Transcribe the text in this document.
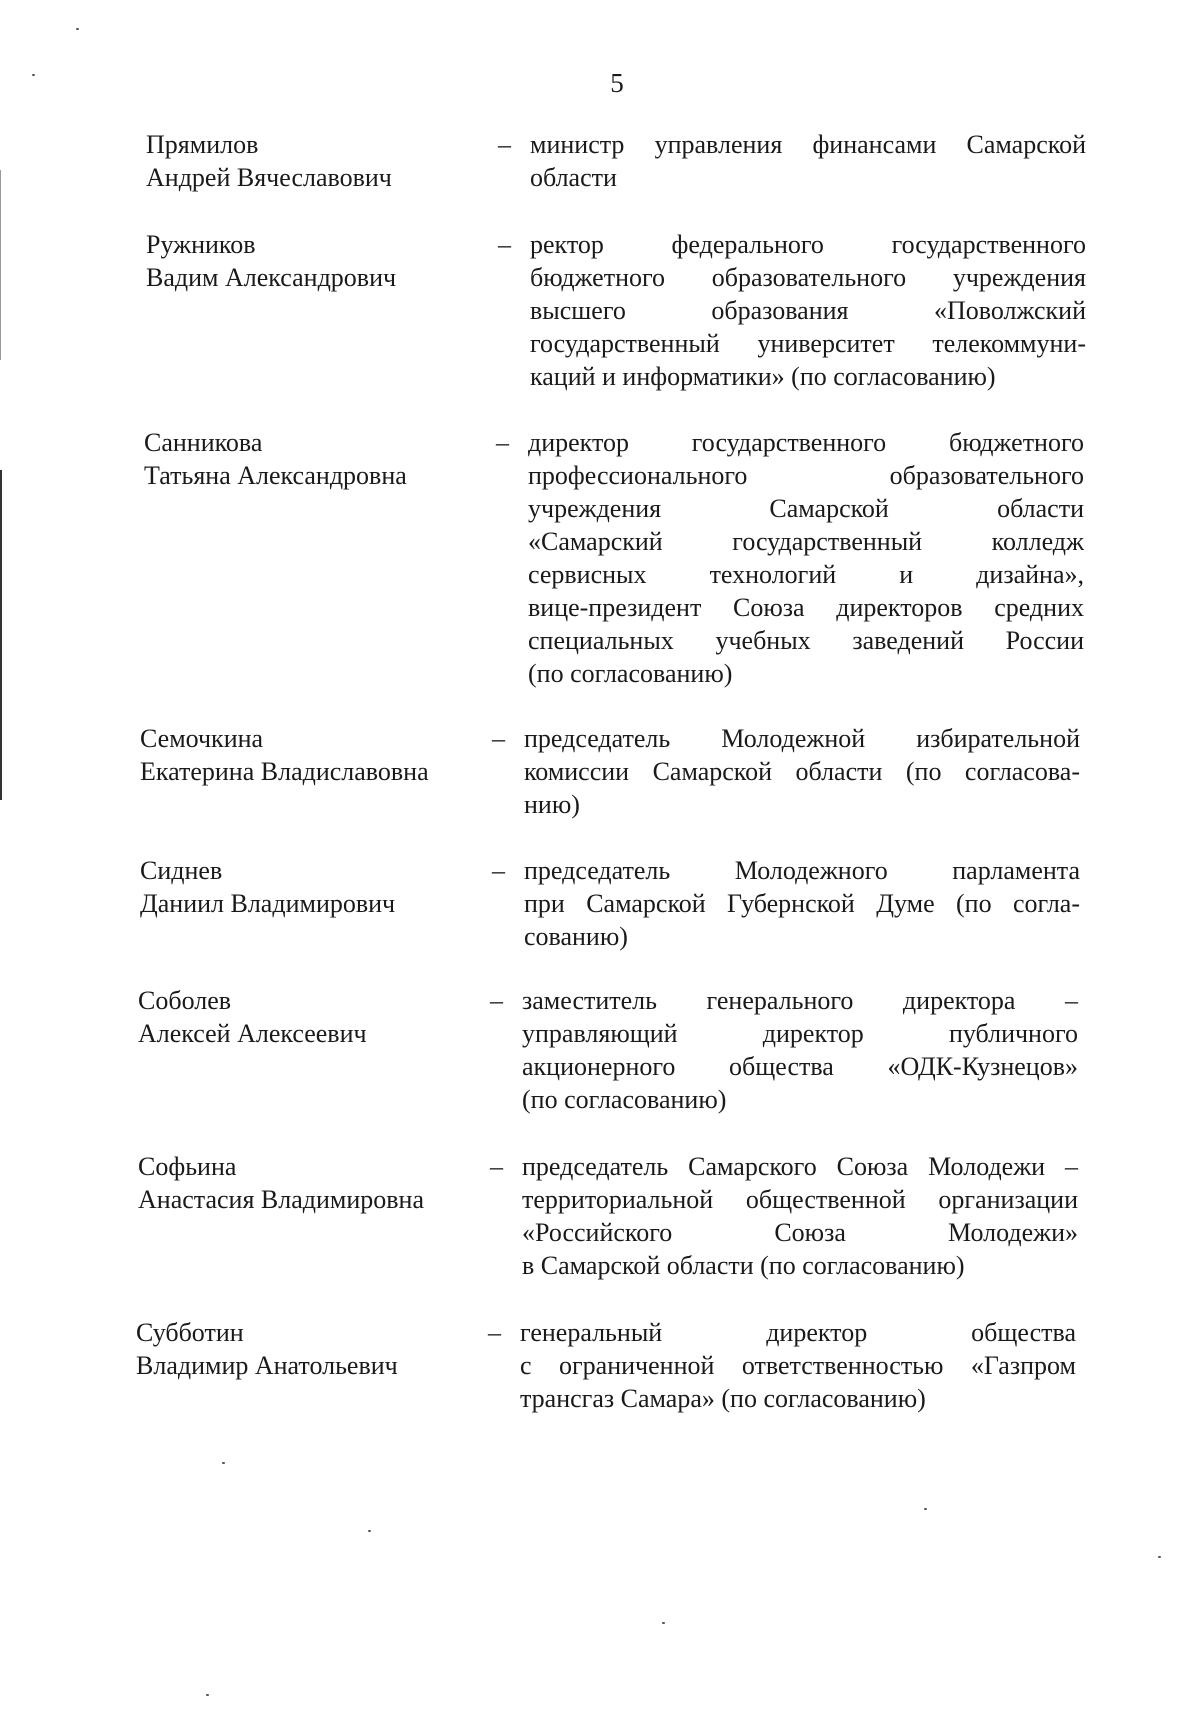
5
Прямилов
Андрей Вячеславович
– министр управления финансами Самарской
области
Ружников
Вадим Александрович
– ректор федерального государственного
бюджетного образовательного учреждения
высшего образования «Поволжский
государственный университет телекоммуни-
каций и информатики» (по согласованию)
Санникова
Татьяна Александровна
– директор государственного бюджетного
профессионального образовательного
учреждения Самарской области
«Самарский государственный колледж
сервисных технологий и дизайна»,
вице-президент Союза директоров средних
специальных учебных заведений России
(по согласованию)
Семочкина
Екатерина Владиславовна
– председатель Молодежной избирательной
комиссии Самарской области (по согласова-
нию)
Сиднев
Даниил Владимирович
– председатель Молодежного парламента
при Самарской Губернской Думе (по согла-
сованию)
Соболев
Алексей Алексеевич
– заместитель генерального директора –
управляющий директор публичного
акционерного общества «ОДК-Кузнецов»
(по согласованию)
Софьина
Анастасия Владимировна
– председатель Самарского Союза Молодежи –
территориальной общественной организации
«Российского Союза Молодежи»
в Самарской области (по согласованию)
Субботин
Владимир Анатольевич
– генеральный директор общества
с ограниченной ответственностью «Газпром
трансгаз Самара» (по согласованию)
